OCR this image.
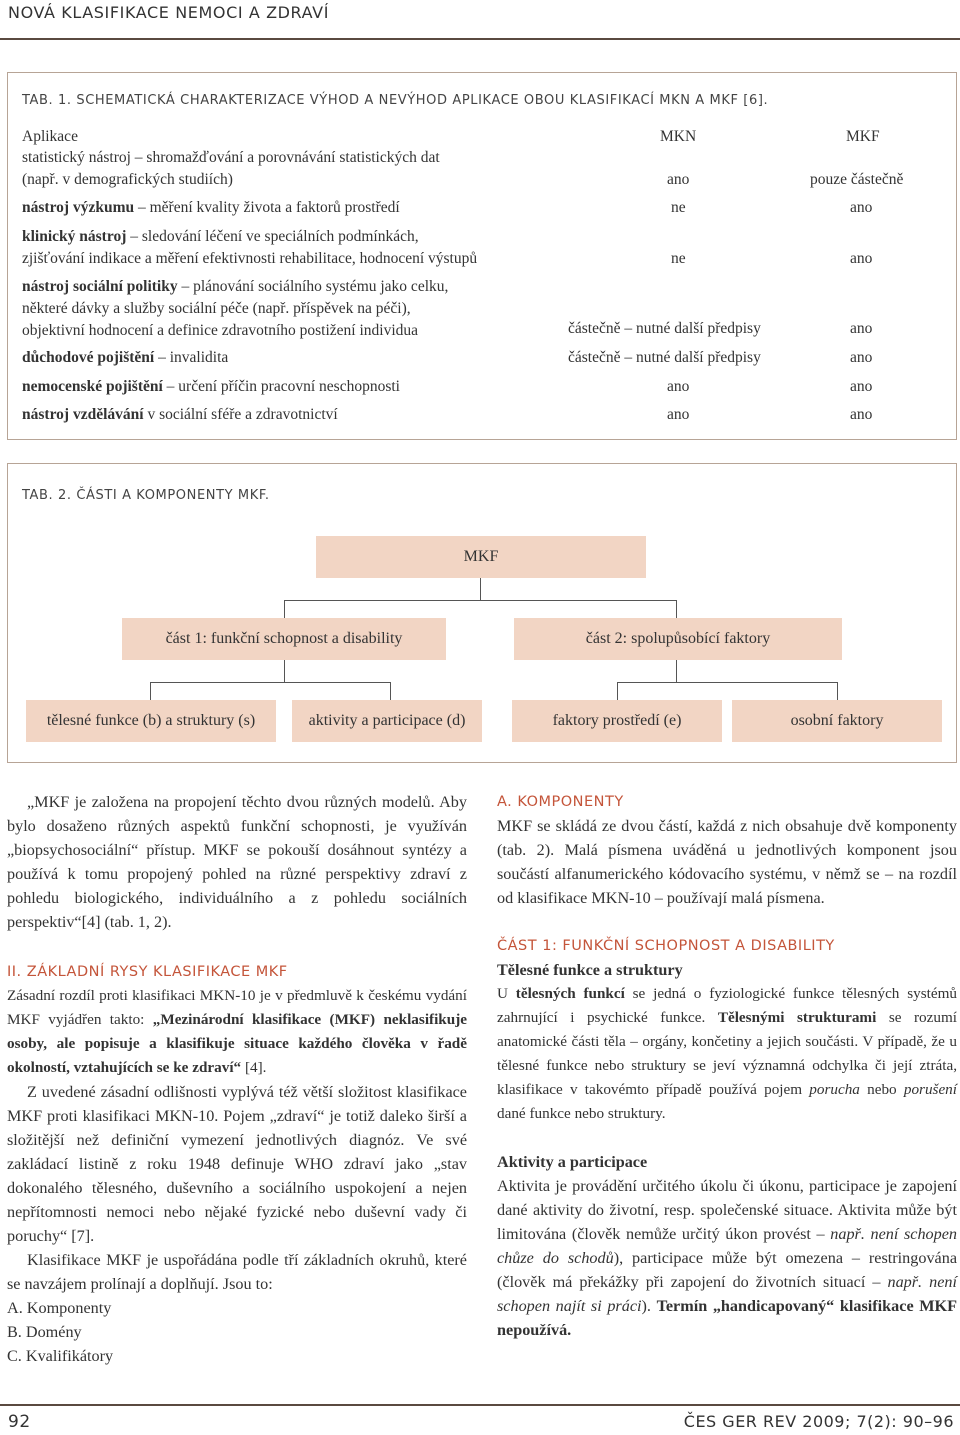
NOVÁ KLASIFIKACE NEMOCI A ZDRAVÍ
TAB. 1. SCHEMATICKÁ CHARAKTERIZACE VÝHOD A NEVÝHOD APLIKACE OBOU KLASIFIKACÍ MKN A MKF [6].
Aplikace	MKN	MKF
statistický nástroj – shromažďování a porovnávání statistických dat
(např. v demografických studiích)	ano	pouze částečně
nástroj výzkumu – měření kvality života a faktorů prostředí	ne	ano
klinický nástroj – sledování léčení ve speciálních podmínkách,
zjišťování indikace a měření efektivnosti rehabilitace, hodnocení výstupů	ne	ano
nástroj sociální politiky – plánování sociálního systému jako celku,
některé dávky a služby sociální péče (např. příspěvek na péči),
objektivní hodnocení a definice zdravotního postižení individua	částečně – nutné další předpisy	ano
důchodové pojištění – invalidita	částečně – nutné další předpisy	ano
nemocenské pojištění – určení příčin pracovní neschopnosti	ano	ano
nástroj vzdělávání v sociální sféře a zdravotnictví	ano	ano
TAB. 2. ČÁSTI A KOMPONENTY MKF.
MKF
část 1: funkční schopnost a disability	část 2: spolupůsobící faktory
tělesné funkce (b) a struktury (s)	aktivity a participace (d)	faktory prostředí (e)	osobní faktory

„MKF je založena na propojení těchto dvou různých modelů. Aby bylo dosaženo různých aspektů funkční schopnosti, je využíván „biopsychosociální“ přístup. MKF se pokouší dosáhnout syntézy a používá k tomu propojený pohled na různé perspektivy zdraví z pohledu biologického, individuálního a z pohledu sociálních perspektiv“[4] (tab. 1, 2).

II. ZÁKLADNÍ RYSY KLASIFIKACE MKF

Zásadní rozdíl proti klasifikaci MKN-10 je v předmluvě k českému vydání MKF vyjádřen takto: „Mezinárodní klasifikace (MKF) neklasifikuje osoby, ale popisuje a klasifikuje situace každého člověka v řadě okolností, vztahujících se ke zdraví“ [4].

Z uvedené zásadní odlišnosti vyplývá též větší složitost klasifikace MKF proti klasifikaci MKN-10. Pojem „zdraví“ je totiž daleko širší a složitější než definiční vymezení jednotlivých diagnóz. Ve své zakládací listině z roku 1948 definuje WHO zdraví jako „stav dokonalého tělesného, duševního a sociálního uspokojení a nejen nepřítomnosti nemoci nebo nějaké fyzické nebo duševní vady či poruchy“ [7].

Klasifikace MKF je uspořádána podle tří základních okruhů, které se navzájem prolínají a doplňují. Jsou to:

A. Komponenty
B. Domény
C. Kvalifikátory
A. KOMPONENTY

MKF se skládá ze dvou částí, každá z nich obsahuje dvě komponenty (tab. 2). Malá písmena uváděná u jednotlivých komponent jsou součástí alfanumerického kódovacího systému, v němž se – na rozdíl od klasifikace MKN-10 – používají malá písmena.

ČÁST 1: FUNKČNÍ SCHOPNOST A DISABILITY
Tělesné funkce a struktury

U tělesných funkcí se jedná o fyziologické funkce tělesných systémů zahrnující i psychické funkce. Tělesnými strukturami se rozumí anatomické části těla – orgány, končetiny a jejich součásti. V případě, že u tělesné funkce nebo struktury se jeví významná odchylka či její ztráta, klasifikace v takovémto případě používá pojem porucha nebo porušení dané funkce nebo struktury.

Aktivity a participace

Aktivita je provádění určitého úkolu či úkonu, participace je zapojení dané aktivity do životní, resp. společenské situace. Aktivita může být limitována (člověk nemůže určitý úkon provést – např. není schopen chůze do schodů), participace může být omezena – restringována (člověk má překážky při zapojení do životních situací – např. není schopen najít si práci). Termín „handicapovaný“ klasifikace MKF nepoužívá.

92	ČES GER REV 2009; 7(2): 90–96
